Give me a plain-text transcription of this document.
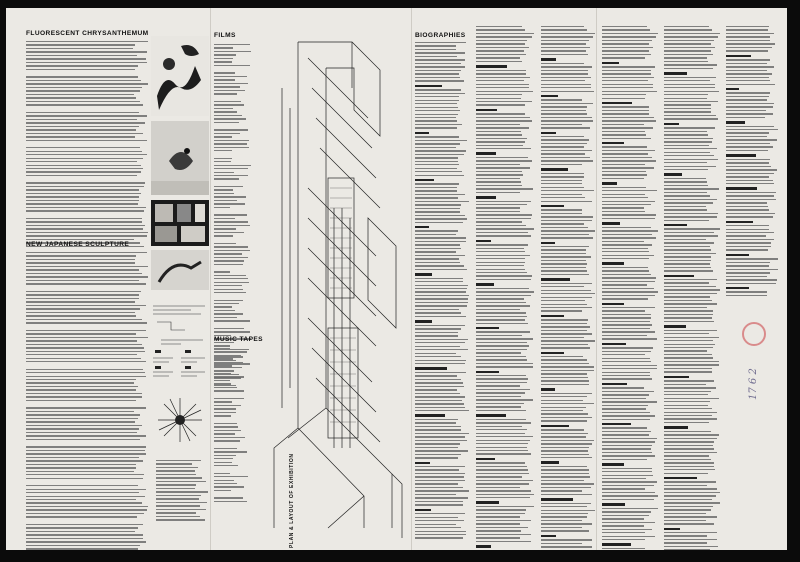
FLUORESCENT CHRYSANTHEMUM
NEW JAPANESE SCULPTURE
FILMS
MUSIC TAPES
PLAN & LAYOUT OF EXHIBITION
BIOGRAPHIES
17 6 2
